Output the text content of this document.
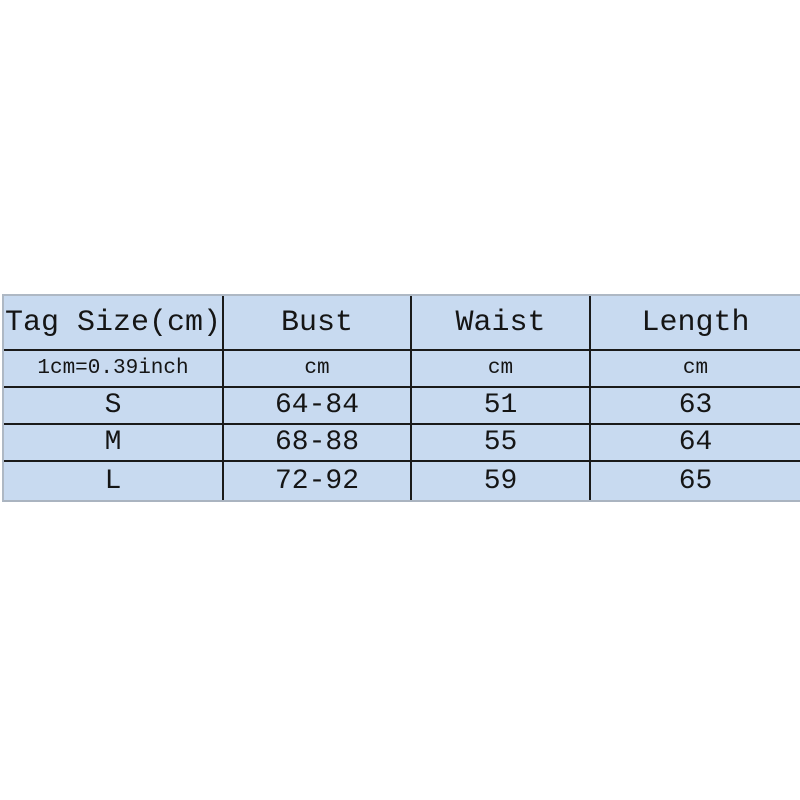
Tag Size(cm)	Bust	Waist	Length
1cm=0.39inch	cm	cm	cm
S	64-84	51	63
M	68-88	55	64
L	72-92	59	65
